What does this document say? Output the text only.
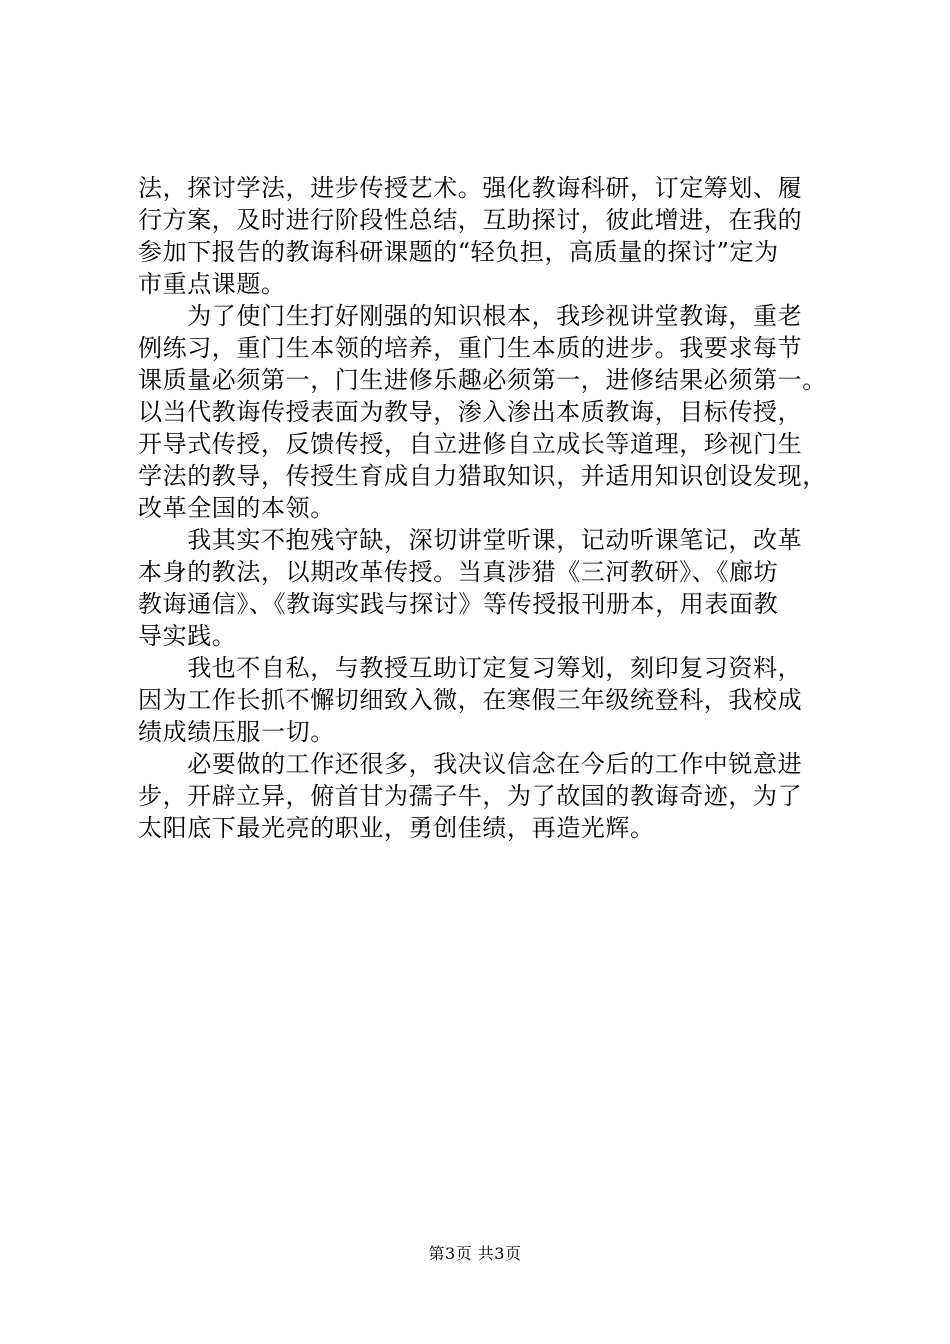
法，探讨学法，进步传授艺术。强化教诲科研，订定筹划、履
行方案，及时进行阶段性总结，互助探讨，彼此增进，在我的
参加下报告的教诲科研课题的“轻负担，高质量的探讨”定为
市重点课题。
　　为了使门生打好刚强的知识根本，我珍视讲堂教诲，重老
例练习，重门生本领的培养，重门生本质的进步。我要求每节
课质量必须第一，门生进修乐趣必须第一，进修结果必须第一。
以当代教诲传授表面为教导，渗入渗出本质教诲，目标传授，
开导式传授，反馈传授，自立进修自立成长等道理，珍视门生
学法的教导，传授生育成自力猎取知识，并适用知识创设发现，
改革全国的本领。
　　我其实不抱残守缺，深切讲堂听课，记动听课笔记，改革
本身的教法，以期改革传授。当真涉猎《三河教研》、《廊坊
教诲通信》、《教诲实践与探讨》等传授报刊册本，用表面教
导实践。
　　我也不自私，与教授互助订定复习筹划，刻印复习资料，
因为工作长抓不懈切细致入微，在寒假三年级统登科，我校成
绩成绩压服一切。
　　必要做的工作还很多，我决议信念在今后的工作中锐意进
步，开辟立异，俯首甘为孺子牛，为了故国的教诲奇迹，为了
太阳底下最光亮的职业，勇创佳绩，再造光辉。
第3页 共3页
